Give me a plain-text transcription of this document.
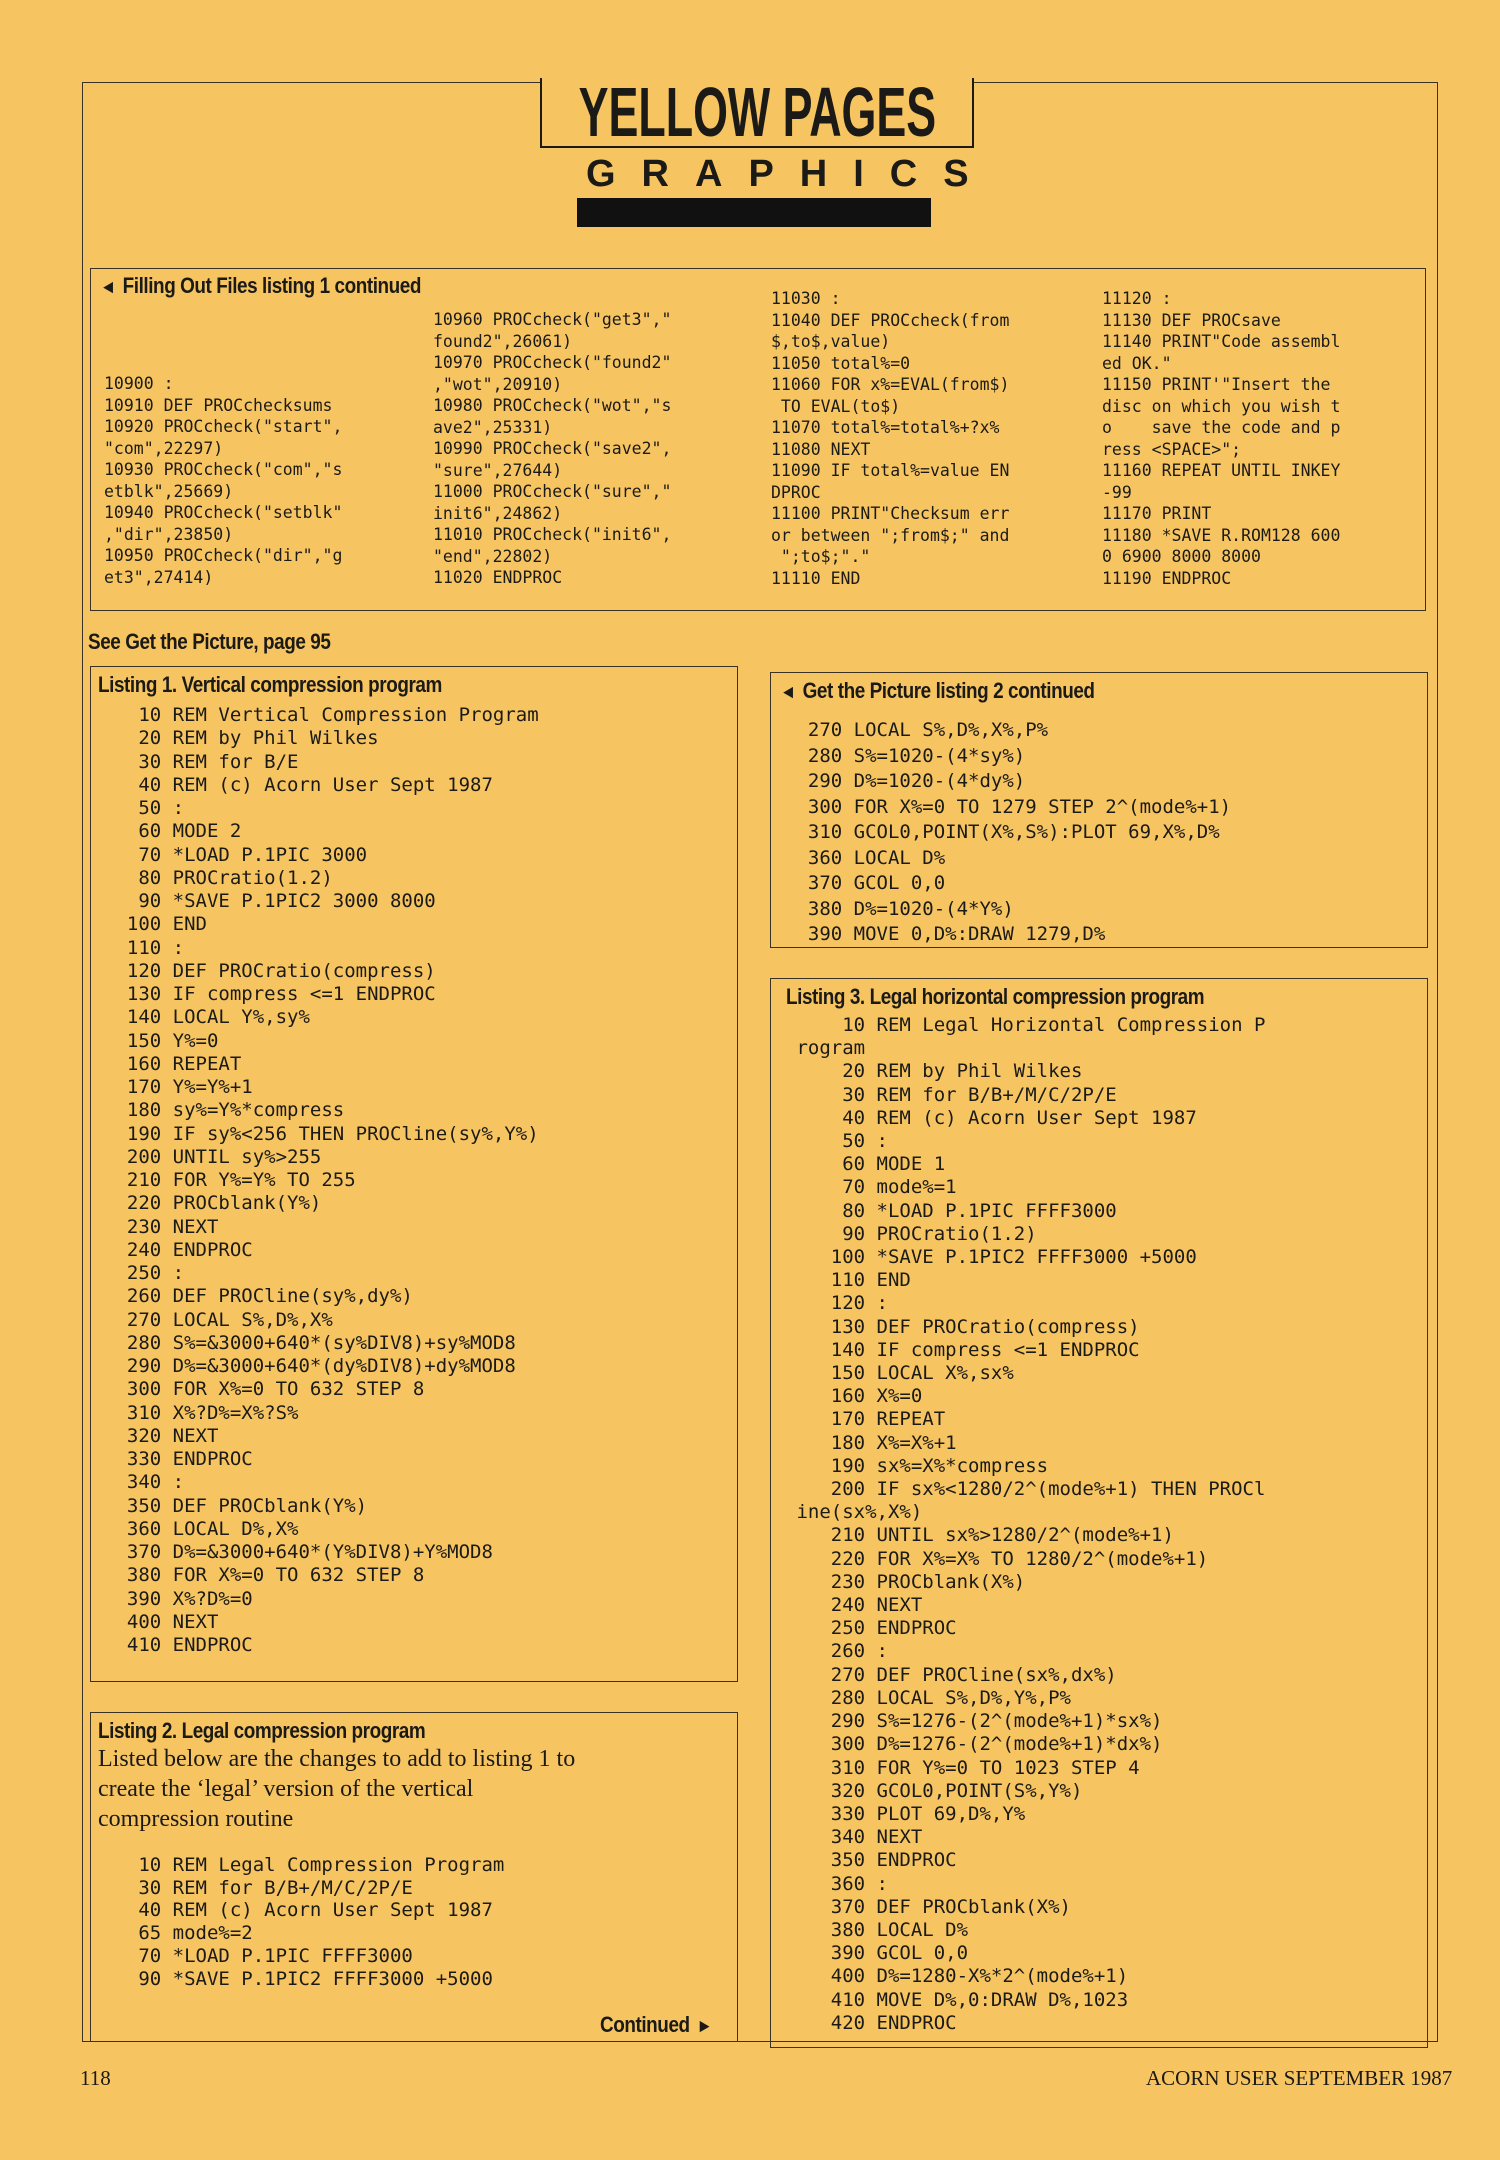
YELLOW PAGES
GRAPHICS
◄ Filling Out Files listing 1 continued
10900 :
10910 DEF PROCchecksums
10920 PROCcheck("start",
"com",22297)
10930 PROCcheck("com","s
etblk",25669)
10940 PROCcheck("setblk"
,"dir",23850)
10950 PROCcheck("dir","g
et3",27414)
10960 PROCcheck("get3","
found2",26061)
10970 PROCcheck("found2"
,"wot",20910)
10980 PROCcheck("wot","s
ave2",25331)
10990 PROCcheck("save2",
"sure",27644)
11000 PROCcheck("sure","
init6",24862)
11010 PROCcheck("init6",
"end",22802)
11020 ENDPROC
11030 :
11040 DEF PROCcheck(from
$,to$,value)
11050 total%=0
11060 FOR x%=EVAL(from$)
TO EVAL(to$)
11070 total%=total%+?x%
11080 NEXT
11090 IF total%=value EN
DPROC
11100 PRINT"Checksum err
or between ";from$;" and
";to$;"."
11110 END
11120 :
11130 DEF PROCsave
11140 PRINT"Code assembl
ed OK."
11150 PRINT'"Insert the
disc on which you wish t
o    save the code and p
ress <SPACE>";
11160 REPEAT UNTIL INKEY
-99
11170 PRINT
11180 *SAVE R.ROM128 600
0 6900 8000 8000
11190 ENDPROC
See Get the Picture, page 95
Listing 1. Vertical compression program
10 REM Vertical Compression Program
20 REM by Phil Wilkes
30 REM for B/E
40 REM (c) Acorn User Sept 1987
50 :
60 MODE 2
70 *LOAD P.1PIC 3000
80 PROCratio(1.2)
90 *SAVE P.1PIC2 3000 8000
100 END
110 :
120 DEF PROCratio(compress)
130 IF compress <=1 ENDPROC
140 LOCAL Y%,sy%
150 Y%=0
160 REPEAT
170 Y%=Y%+1
180 sy%=Y%*compress
190 IF sy%<256 THEN PROCline(sy%,Y%)
200 UNTIL sy%>255
210 FOR Y%=Y% TO 255
220 PROCblank(Y%)
230 NEXT
240 ENDPROC
250 :
260 DEF PROCline(sy%,dy%)
270 LOCAL S%,D%,X%
280 S%=&3000+640*(sy%DIV8)+sy%MOD8
290 D%=&3000+640*(dy%DIV8)+dy%MOD8
300 FOR X%=0 TO 632 STEP 8
310 X%?D%=X%?S%
320 NEXT
330 ENDPROC
340 :
350 DEF PROCblank(Y%)
360 LOCAL D%,X%
370 D%=&3000+640*(Y%DIV8)+Y%MOD8
380 FOR X%=0 TO 632 STEP 8
390 X%?D%=0
400 NEXT
410 ENDPROC
Listing 2. Legal compression program
Listed below are the changes to add to listing 1 to create the ‘legal’ version of the vertical compression routine
10 REM Legal Compression Program
30 REM for B/B+/M/C/2P/E
40 REM (c) Acorn User Sept 1987
65 mode%=2
70 *LOAD P.1PIC FFFF3000
90 *SAVE P.1PIC2 FFFF3000 +5000
Continued ►
◄ Get the Picture listing 2 continued
270 LOCAL S%,D%,X%,P%
280 S%=1020-(4*sy%)
290 D%=1020-(4*dy%)
300 FOR X%=0 TO 1279 STEP 2^(mode%+1)
310 GCOL0,POINT(X%,S%):PLOT 69,X%,D%
360 LOCAL D%
370 GCOL 0,0
380 D%=1020-(4*Y%)
390 MOVE 0,D%:DRAW 1279,D%
Listing 3. Legal horizontal compression program
10 REM Legal Horizontal Compression P
rogram
20 REM by Phil Wilkes
30 REM for B/B+/M/C/2P/E
40 REM (c) Acorn User Sept 1987
50 :
60 MODE 1
70 mode%=1
80 *LOAD P.1PIC FFFF3000
90 PROCratio(1.2)
100 *SAVE P.1PIC2 FFFF3000 +5000
110 END
120 :
130 DEF PROCratio(compress)
140 IF compress <=1 ENDPROC
150 LOCAL X%,sx%
160 X%=0
170 REPEAT
180 X%=X%+1
190 sx%=X%*compress
200 IF sx%<1280/2^(mode%+1) THEN PROCl
ine(sx%,X%)
210 UNTIL sx%>1280/2^(mode%+1)
220 FOR X%=X% TO 1280/2^(mode%+1)
230 PROCblank(X%)
240 NEXT
250 ENDPROC
260 :
270 DEF PROCline(sx%,dx%)
280 LOCAL S%,D%,Y%,P%
290 S%=1276-(2^(mode%+1)*sx%)
300 D%=1276-(2^(mode%+1)*dx%)
310 FOR Y%=0 TO 1023 STEP 4
320 GCOL0,POINT(S%,Y%)
330 PLOT 69,D%,Y%
340 NEXT
350 ENDPROC
360 :
370 DEF PROCblank(X%)
380 LOCAL D%
390 GCOL 0,0
400 D%=1280-X%*2^(mode%+1)
410 MOVE D%,0:DRAW D%,1023
420 ENDPROC
118	ACORN USER SEPTEMBER 1987
